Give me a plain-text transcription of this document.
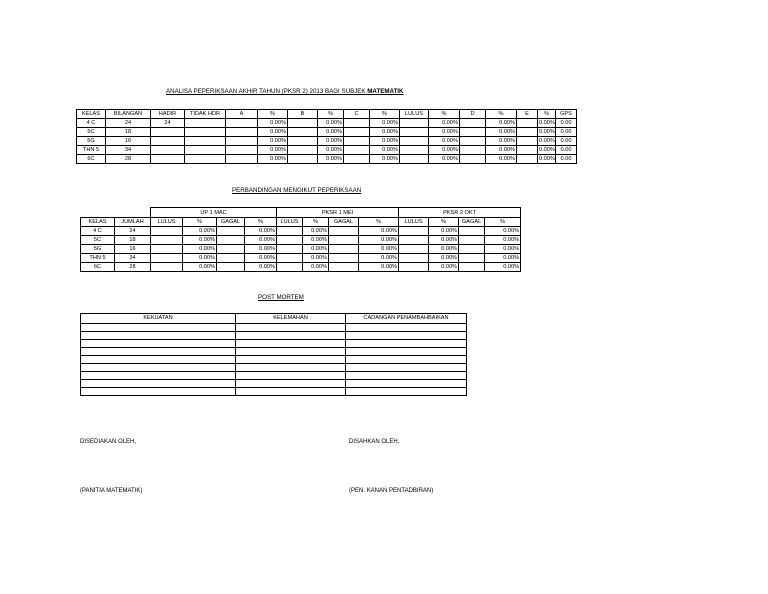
ANALISA PEPERIKSAAN AKHIR TAHUN (PKSR 2) 2013 BAGI SUBJEK MATEMATIK
KELAS	BILANGAN	HADIR	TIDAK HDR	A	%	B	%	C	%	LULUS	%	D	%	E	%	GPS
4 C	24	24			0.00%		0.00%		0.00%		0.00%		0.00%		0.00%	0.00
5C	18				0.00%		0.00%		0.00%		0.00%		0.00%		0.00%	0.00
5G	16				0.00%		0.00%		0.00%		0.00%		0.00%		0.00%	0.00
THN 5	34				0.00%		0.00%		0.00%		0.00%		0.00%		0.00%	0.00
6C	28				0.00%		0.00%		0.00%		0.00%		0.00%		0.00%	0.00
PERBANDINGAN MENGIKUT PEPERIKSAAN
		UP 1 MAC				PKSR 1 MEI				PKSR 2 OKT			
KELAS	JUMLAH	LULUS	%	GAGAL	%	LULUS	%	GAGAL	%	LULUS	%	GAGAL	%
4 C	24		0.00%		0.00%		0.00%		0.00%		0.00%		0.00%
5C	18		0.00%		0.00%		0.00%		0.00%		0.00%		0.00%
5G	16		0.00%		0.00%		0.00%		0.00%		0.00%		0.00%
THN 5	34		0.00%		0.00%		0.00%		0.00%		0.00%		0.00%
6C	28		0.00%		0.00%		0.00%		0.00%		0.00%		0.00%
POST MORTEM
KEKUATAN	KELEMAHAN	CADANGAN PENAMBAHBAIKAN

DISEDIAKAN OLEH,	DISAHKAN OLEH,
(PANITIA MATEMATIK)	(PEN. KANAN PENTADBIRAN)
